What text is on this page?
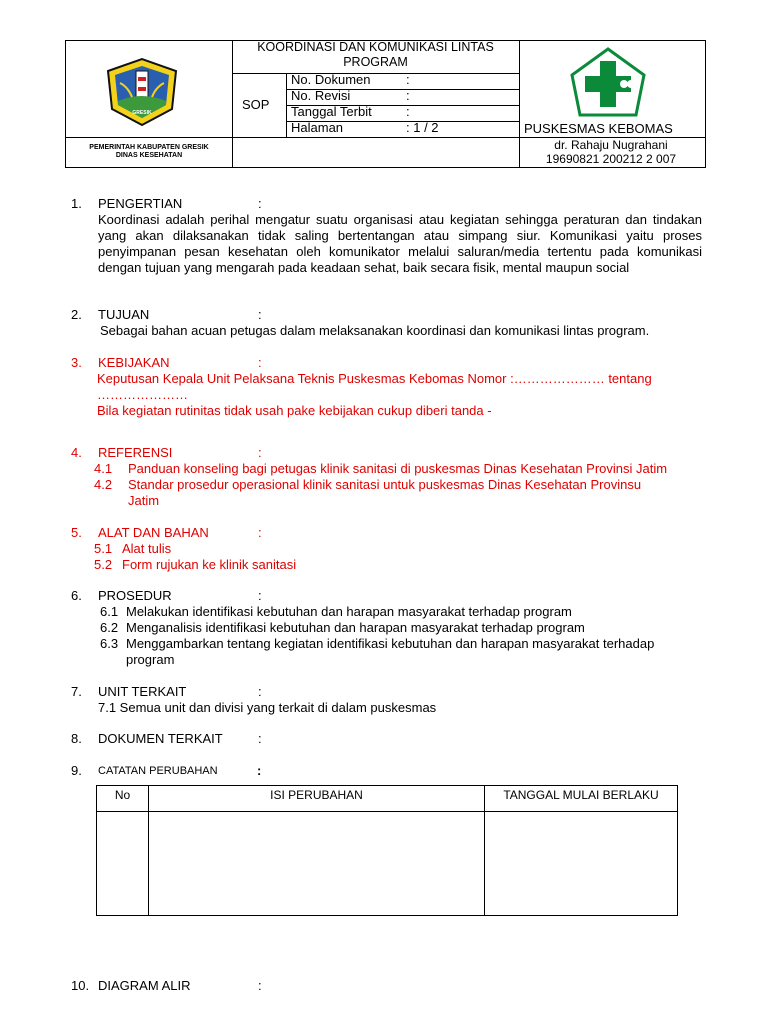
GRESIK
PEMERINTAH KABUPATEN GRESIK
DINAS KESEHATAN
KOORDINASI DAN KOMUNIKASI LINTAS PROGRAM
SOP
No. Dokumen	:
No. Revisi	:
Tanggal Terbit	:
Halaman	: 1 / 2	PUSKESMAS KEBOMAS
dr. Rahaju Nugrahani
19690821 200212 2 007
1. PENGERTIAN	:
Koordinasi adalah perihal mengatur suatu organisasi atau kegiatan sehingga peraturan dan tindakan yang akan dilaksanakan tidak saling bertentangan atau simpang siur. Komunikasi yaitu proses penyimpanan pesan kesehatan oleh komunikator melalui saluran/media tertentu pada komunikasi dengan tujuan yang mengarah pada keadaan sehat, baik secara fisik, mental maupun social
2. TUJUAN	:
Sebagai bahan acuan petugas dalam melaksanakan koordinasi dan komunikasi lintas program.
3. KEBIJAKAN	:
Keputusan Kepala Unit Pelaksana Teknis Puskesmas Kebomas Nomor :………………… tentang
…………………
Bila kegiatan rutinitas tidak usah pake kebijakan cukup diberi tanda -
4. REFERENSI	:
4.1 Panduan konseling bagi petugas klinik sanitasi di puskesmas Dinas Kesehatan Provinsi Jatim
4.2 Standar prosedur operasional klinik sanitasi untuk puskesmas Dinas Kesehatan Provinsu
Jatim
5. ALAT DAN BAHAN	:
5.1 Alat tulis
5.2 Form rujukan ke klinik sanitasi
6. PROSEDUR	:
6.1 Melakukan identifikasi kebutuhan dan harapan masyarakat terhadap program
6.2 Menganalisis identifikasi kebutuhan dan harapan masyarakat terhadap program
6.3 Menggambarkan tentang kegiatan identifikasi kebutuhan dan harapan masyarakat terhadap
program
7. UNIT TERKAIT	:
7.1 Semua unit dan divisi yang terkait di dalam puskesmas
8. DOKUMEN TERKAIT	:
9. CATATAN PERUBAHAN	:
No	ISI PERUBAHAN	TANGGAL MULAI BERLAKU

10. DIAGRAM ALIR	:
